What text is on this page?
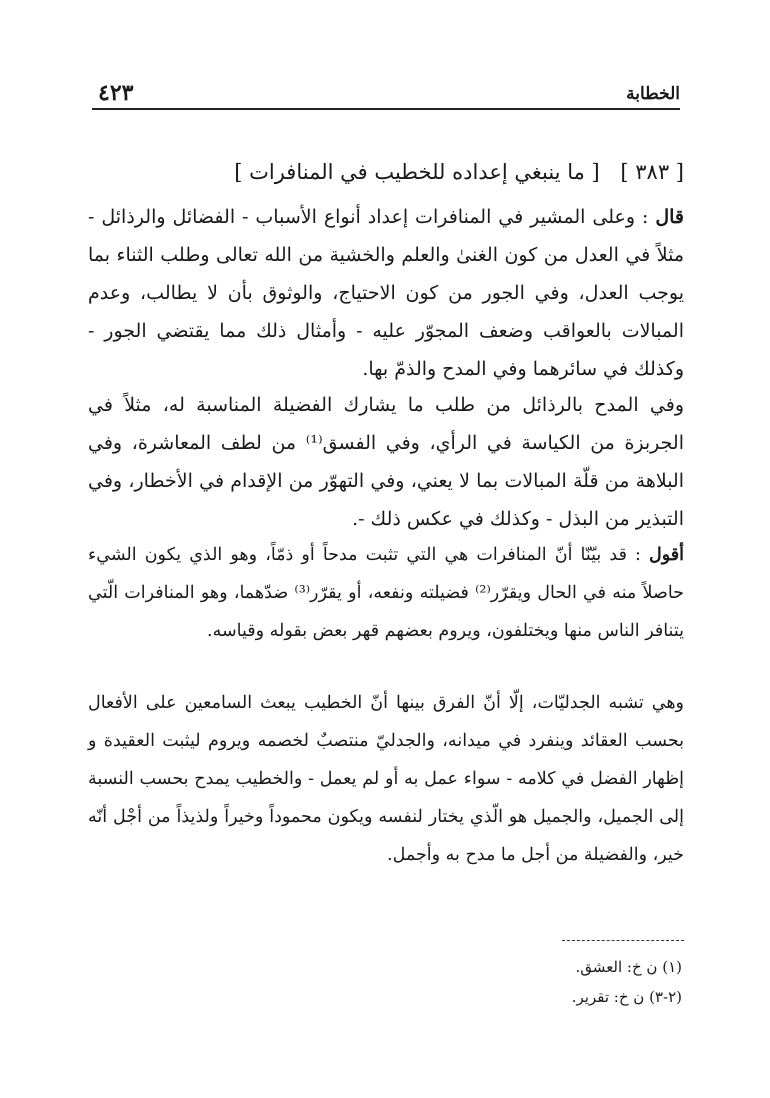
الخطابة
٤٢٣
[ ٣٨٣ ] [ ما ينبغي إعداده للخطيب في المنافرات ]
قال : وعلى المشير في المنافرات إعداد أنواع الأسباب - الفضائل والرذائل - مثلاً في العدل من كون الغنىٰ والعلم والخشية من الله تعالى وطلب الثناء بما يوجب العدل، وفي الجور من كون الاحتياج، والوثوق بأن لا يطالب، وعدم المبالات بالعواقب وضعف المجوّر عليه - وأمثال ذلك مما يقتضي الجور - وكذلك في سائرهما وفي المدح والذمّ بها.
وفي المدح بالرذائل من طلب ما يشارك الفضيلة المناسبة له، مثلاً في الجربزة من الكياسة في الرأي، وفي الفسق⁽¹⁾ من لطف المعاشرة، وفي البلاهة من قلّة المبالات بما لا يعني، وفي التهوّر من الإقدام في الأخطار، وفي التبذير من البذل - وكذلك في عكس ذلك -.
أقول : قد بيّنّا أنّ المنافرات هي التي تثبت مدحاً أو ذمّاً، وهو الذي يكون الشيء حاصلاً منه في الحال ويقرّر⁽²⁾ فضيلته ونفعه، أو يقرّر⁽³⁾ ضدّهما، وهو المنافرات الّتي يتنافر الناس منها ويختلفون، ويروم بعضهم قهر بعض بقوله وقياسه.
وهي تشبه الجدليّات، إلّا أنّ الفرق بينها أنّ الخطيب يبعث السامعين على الأفعال بحسب العقائد وينفرد في ميدانه، والجدليّ منتصبٌ لخصمه ويروم ليثبت العقيدة و إظهار الفضل في كلامه - سواء عمل به أو لم يعمل - والخطيب يمدح بحسب النسبة إلى الجميل، والجميل هو الّذي يختار لنفسه ويكون محموداً وخيراً ولذيذاً من أجْل أنّه خير، والفضيلة من أجل ما مدح به وأجمل.
(١) ن خ: العشق.
(٢-٣) ن خ: تقرير.
